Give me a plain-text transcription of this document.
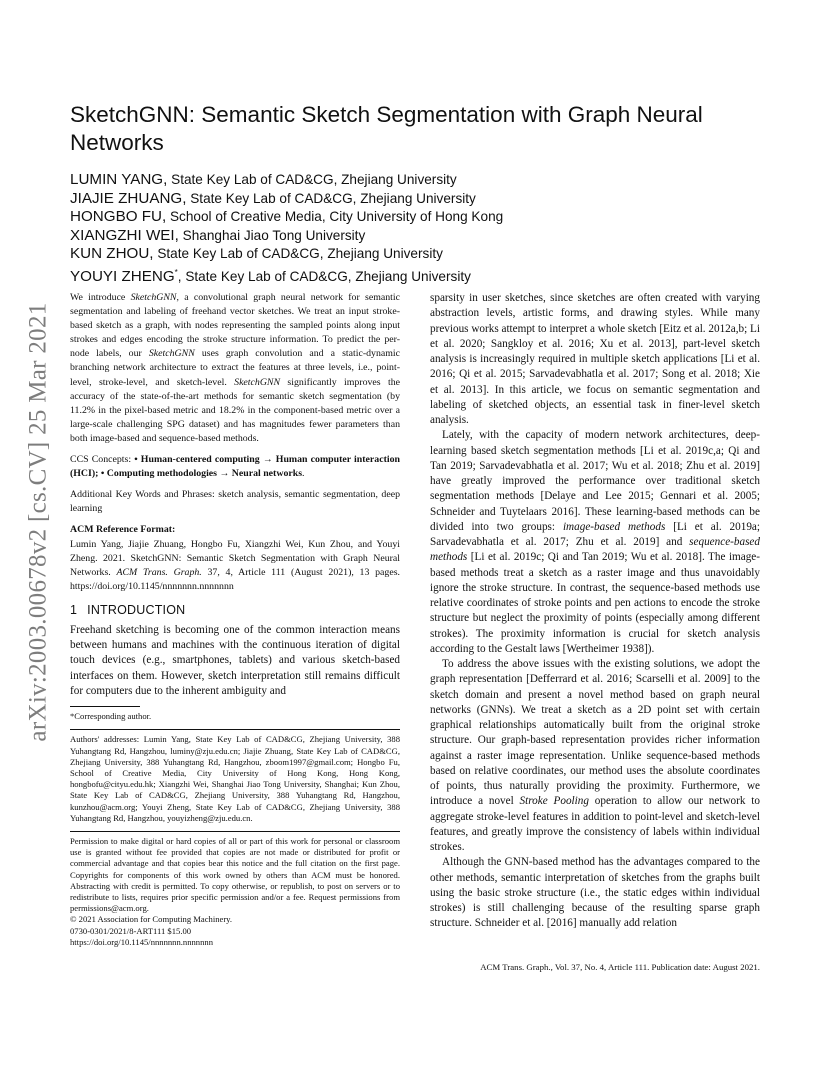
arXiv:2003.00678v2 [cs.CV] 25 Mar 2021
SketchGNN: Semantic Sketch Segmentation with Graph Neural Networks
LUMIN YANG, State Key Lab of CAD&CG, Zhejiang University
JIAJIE ZHUANG, State Key Lab of CAD&CG, Zhejiang University
HONGBO FU, School of Creative Media, City University of Hong Kong
XIANGZHI WEI, Shanghai Jiao Tong University
KUN ZHOU, State Key Lab of CAD&CG, Zhejiang University
YOUYI ZHENG*, State Key Lab of CAD&CG, Zhejiang University

We introduce SketchGNN, a convolutional graph neural network for semantic segmentation and labeling of freehand vector sketches. We treat an input stroke-based sketch as a graph, with nodes representing the sampled points along input strokes and edges encoding the stroke structure information. To predict the per-node labels, our SketchGNN uses graph convolution and a static-dynamic branching network architecture to extract the features at three levels, i.e., point-level, stroke-level, and sketch-level. SketchGNN significantly improves the accuracy of the state-of-the-art methods for semantic sketch segmentation (by 11.2% in the pixel-based metric and 18.2% in the component-based metric over a large-scale challenging SPG dataset) and has magnitudes fewer parameters than both image-based and sequence-based methods.

CCS Concepts: • Human-centered computing → Human computer interaction (HCI); • Computing methodologies → Neural networks.

Additional Key Words and Phrases: sketch analysis, semantic segmentation, deep learning

ACM Reference Format:
Lumin Yang, Jiajie Zhuang, Hongbo Fu, Xiangzhi Wei, Kun Zhou, and Youyi Zheng. 2021. SketchGNN: Semantic Sketch Segmentation with Graph Neural Networks. ACM Trans. Graph. 37, 4, Article 111 (August 2021), 13 pages. https://doi.org/10.1145/nnnnnnn.nnnnnnn

1 INTRODUCTION

Freehand sketching is becoming one of the common interaction means between humans and machines with the continuous iteration of digital touch devices (e.g., smartphones, tablets) and various sketch-based interfaces on them. However, sketch interpretation still remains difficult for computers due to the inherent ambiguity and

*Corresponding author.

Authors' addresses: Lumin Yang, State Key Lab of CAD&CG, Zhejiang University, 388 Yuhangtang Rd, Hangzhou, luminy@zju.edu.cn; Jiajie Zhuang, State Key Lab of CAD&CG, Zhejiang University, 388 Yuhangtang Rd, Hangzhou, zboom1997@gmail.com; Hongbo Fu, School of Creative Media, City University of Hong Kong, Hong Kong, hongbofu@cityu.edu.hk; Xiangzhi Wei, Shanghai Jiao Tong University, Shanghai; Kun Zhou, State Key Lab of CAD&CG, Zhejiang University, 388 Yuhangtang Rd, Hangzhou, kunzhou@acm.org; Youyi Zheng, State Key Lab of CAD&CG, Zhejiang University, 388 Yuhangtang Rd, Hangzhou, youyizheng@zju.edu.cn.

Permission to make digital or hard copies of all or part of this work for personal or classroom use is granted without fee provided that copies are not made or distributed for profit or commercial advantage and that copies bear this notice and the full citation on the first page. Copyrights for components of this work owned by others than ACM must be honored. Abstracting with credit is permitted. To copy otherwise, or republish, to post on servers or to redistribute to lists, requires prior specific permission and/or a fee. Request permissions from permissions@acm.org.

© 2021 Association for Computing Machinery.

0730-0301/2021/8-ART111 $15.00

https://doi.org/10.1145/nnnnnnn.nnnnnnn

sparsity in user sketches, since sketches are often created with varying abstraction levels, artistic forms, and drawing styles. While many previous works attempt to interpret a whole sketch [Eitz et al. 2012a,b; Li et al. 2020; Sangkloy et al. 2016; Xu et al. 2013], part-level sketch analysis is increasingly required in multiple sketch applications [Li et al. 2016; Qi et al. 2015; Sarvadevabhatla et al. 2017; Song et al. 2018; Xie et al. 2013]. In this article, we focus on semantic segmentation and labeling of sketched objects, an essential task in finer-level sketch analysis.

Lately, with the capacity of modern network architectures, deep-learning based sketch segmentation methods [Li et al. 2019c,a; Qi and Tan 2019; Sarvadevabhatla et al. 2017; Wu et al. 2018; Zhu et al. 2019] have greatly improved the performance over traditional sketch segmentation methods [Delaye and Lee 2015; Gennari et al. 2005; Schneider and Tuytelaars 2016]. These learning-based methods can be divided into two groups: image-based methods [Li et al. 2019a; Sarvadevabhatla et al. 2017; Zhu et al. 2019] and sequence-based methods [Li et al. 2019c; Qi and Tan 2019; Wu et al. 2018]. The image-based methods treat a sketch as a raster image and thus unavoidably ignore the stroke structure. In contrast, the sequence-based methods use relative coordinates of stroke points and pen actions to encode the stroke structure but neglect the proximity of points (especially among different strokes). The proximity information is crucial for sketch analysis according to the Gestalt laws [Wertheimer 1938]).

To address the above issues with the existing solutions, we adopt the graph representation [Defferrard et al. 2016; Scarselli et al. 2009] to the sketch domain and present a novel method based on graph neural networks (GNNs). We treat a sketch as a 2D point set with certain graphical relationships automatically built from the original stroke structure. Our graph-based representation provides richer information against a raster image representation. Unlike sequence-based methods based on relative coordinates, our method uses the absolute coordinates of points, thus naturally providing the proximity. Furthermore, we introduce a novel Stroke Pooling operation to allow our network to aggregate stroke-level features in addition to point-level and sketch-level features, and greatly improve the consistency of labels within individual strokes.

Although the GNN-based method has the advantages compared to the other methods, semantic interpretation of sketches from the graphs built using the basic stroke structure (i.e., the static edges within individual strokes) is still challenging because of the resulting sparse graph structure. Schneider et al. [2016] manually add relation

ACM Trans. Graph., Vol. 37, No. 4, Article 111. Publication date: August 2021.
